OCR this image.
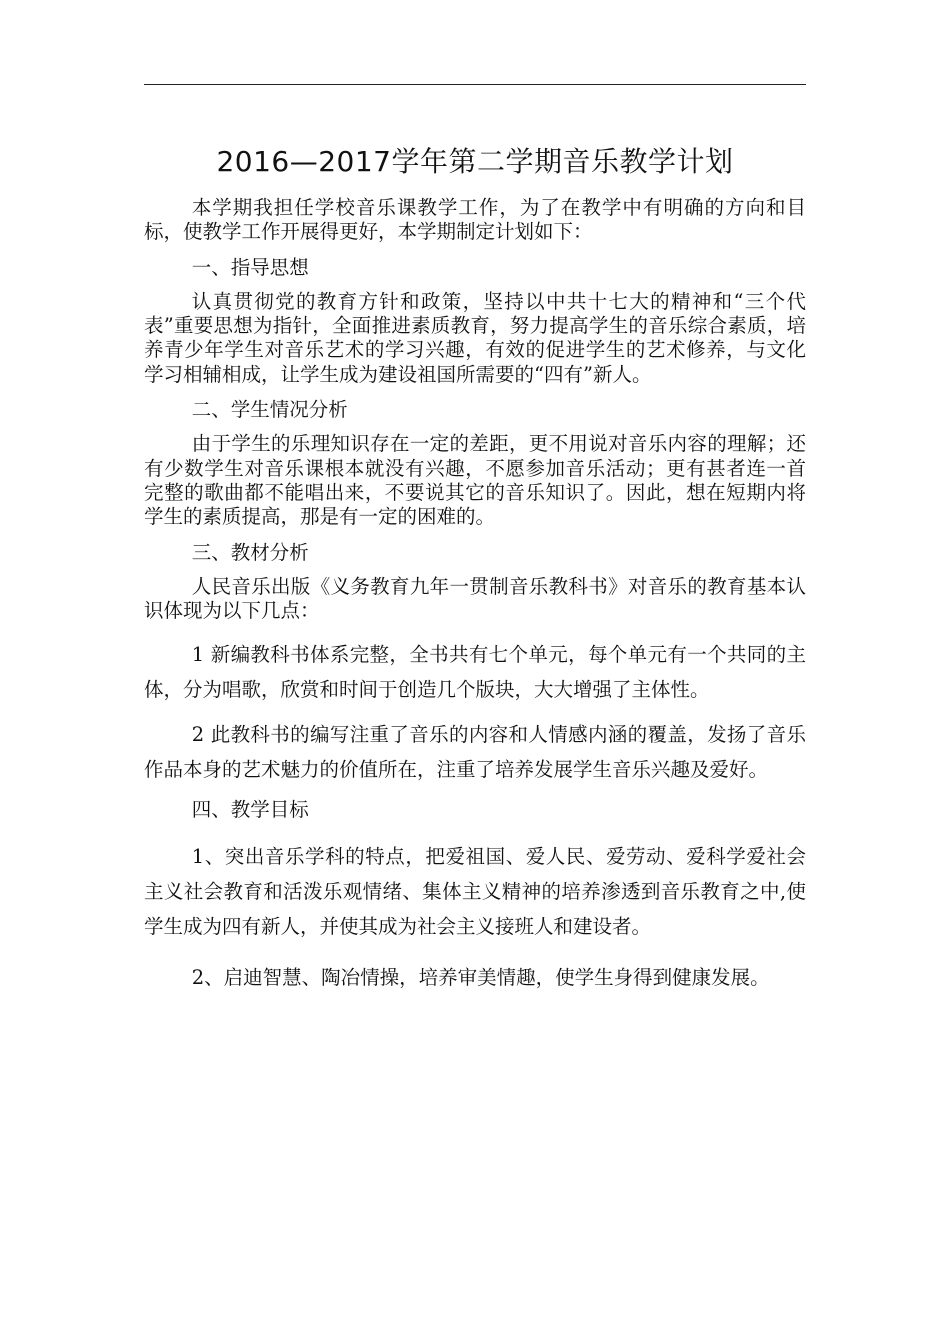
2016—2017学年第二学期音乐教学计划

本学期我担任学校音乐课教学工作，为了在教学中有明确的方向和目标，使教学工作开展得更好，本学期制定计划如下：

一、指导思想

认真贯彻党的教育方针和政策，坚持以中共十七大的精神和“三个代表”重要思想为指针，全面推进素质教育，努力提高学生的音乐综合素质，培养青少年学生对音乐艺术的学习兴趣，有效的促进学生的艺术修养，与文化学习相辅相成，让学生成为建设祖国所需要的“四有”新人。

二、学生情况分析

由于学生的乐理知识存在一定的差距，更不用说对音乐内容的理解；还有少数学生对音乐课根本就没有兴趣，不愿参加音乐活动；更有甚者连一首完整的歌曲都不能唱出来，不要说其它的音乐知识了。因此，想在短期内将学生的素质提高，那是有一定的困难的。

三、教材分析

人民音乐出版《义务教育九年一贯制音乐教科书》对音乐的教育基本认识体现为以下几点：

1 新编教科书体系完整，全书共有七个单元，每个单元有一个共同的主体，分为唱歌，欣赏和时间于创造几个版块，大大增强了主体性。

2 此教科书的编写注重了音乐的内容和人情感内涵的覆盖，发扬了音乐作品本身的艺术魅力的价值所在，注重了培养发展学生音乐兴趣及爱好。

四、教学目标

1、突出音乐学科的特点，把爱祖国、爱人民、爱劳动、爱科学爱社会主义社会教育和活泼乐观情绪、集体主义精神的培养渗透到音乐教育之中,使学生成为四有新人，并使其成为社会主义接班人和建设者。

2、启迪智慧、陶冶情操，培养审美情趣，使学生身得到健康发展。
